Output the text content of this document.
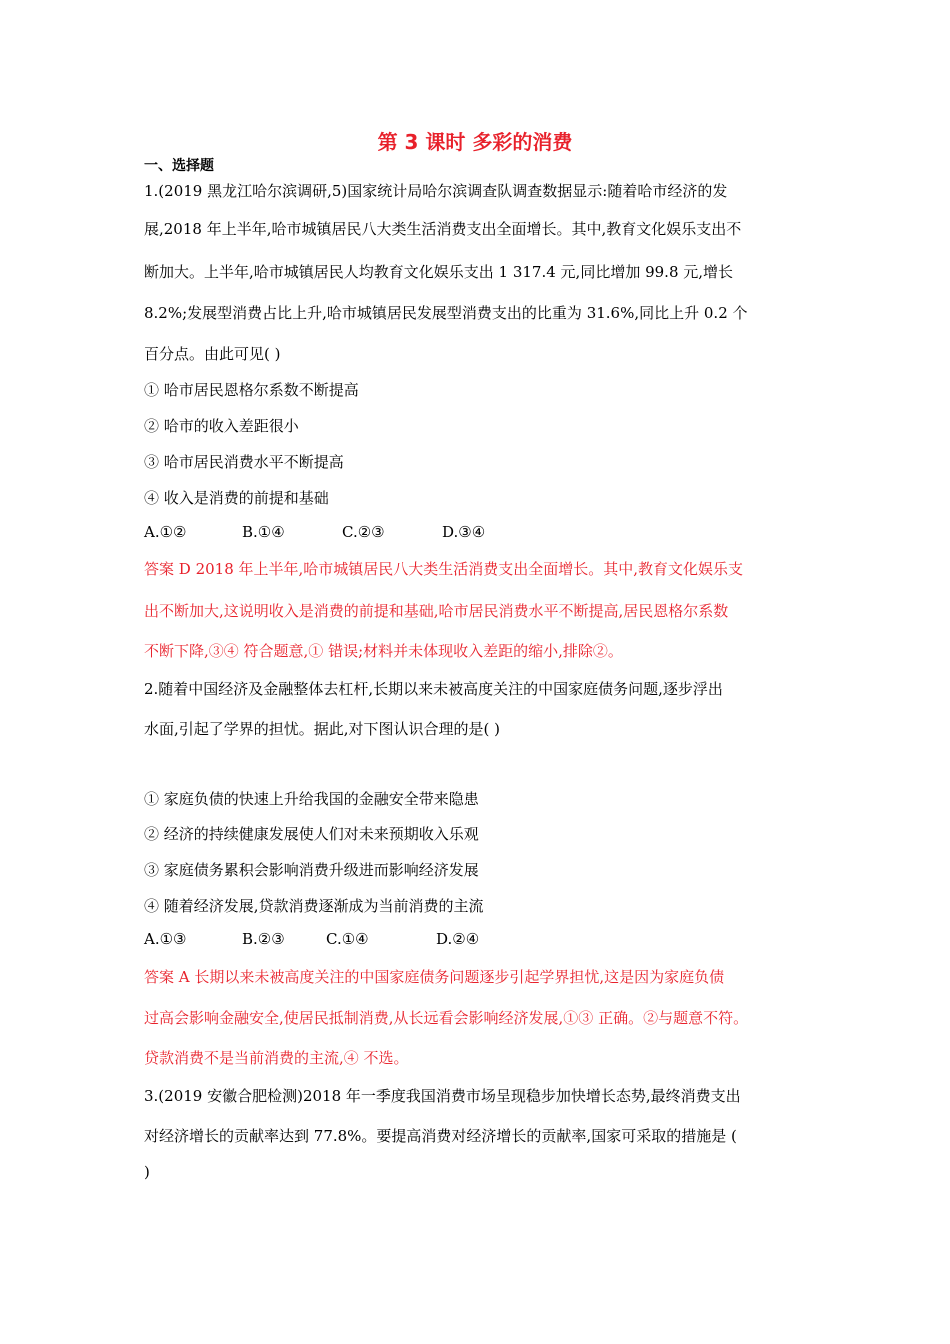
第 3 课时 多彩的消费
一、选择题
1.(2019 黑龙江哈尔滨调研,5)国家统计局哈尔滨调查队调查数据显示:随着哈市经济的发
展,2018 年上半年,哈市城镇居民八大类生活消费支出全面增长。其中,教育文化娱乐支出不
断加大。上半年,哈市城镇居民人均教育文化娱乐支出 1 317.4 元,同比增加 99.8 元,增长
8.2%;发展型消费占比上升,哈市城镇居民发展型消费支出的比重为 31.6%,同比上升 0.2 个
百分点。由此可见( )
① 哈市居民恩格尔系数不断提高
② 哈市的收入差距很小
③ 哈市居民消费水平不断提高
④ 收入是消费的前提和基础
A.①②	B.①④	C.②③	D.③④
答案 D 2018 年上半年,哈市城镇居民八大类生活消费支出全面增长。其中,教育文化娱乐支
出不断加大,这说明收入是消费的前提和基础,哈市居民消费水平不断提高,居民恩格尔系数
不断下降,③④ 符合题意,① 错误;材料并未体现收入差距的缩小,排除②。
2.随着中国经济及金融整体去杠杆,长期以来未被高度关注的中国家庭债务问题,逐步浮出
水面,引起了学界的担忧。据此,对下图认识合理的是( )
① 家庭负债的快速上升给我国的金融安全带来隐患
② 经济的持续健康发展使人们对未来预期收入乐观
③ 家庭债务累积会影响消费升级进而影响经济发展
④ 随着经济发展,贷款消费逐渐成为当前消费的主流
A.①③	B.②③	C.①④	D.②④
答案 A 长期以来未被高度关注的中国家庭债务问题逐步引起学界担忧,这是因为家庭负债
过高会影响金融安全,使居民抵制消费,从长远看会影响经济发展,①③ 正确。②与题意不符。
贷款消费不是当前消费的主流,④ 不选。
3.(2019 安徽合肥检测)2018 年一季度我国消费市场呈现稳步加快增长态势,最终消费支出
对经济增长的贡献率达到 77.8%。要提高消费对经济增长的贡献率,国家可采取的措施是 (
)
